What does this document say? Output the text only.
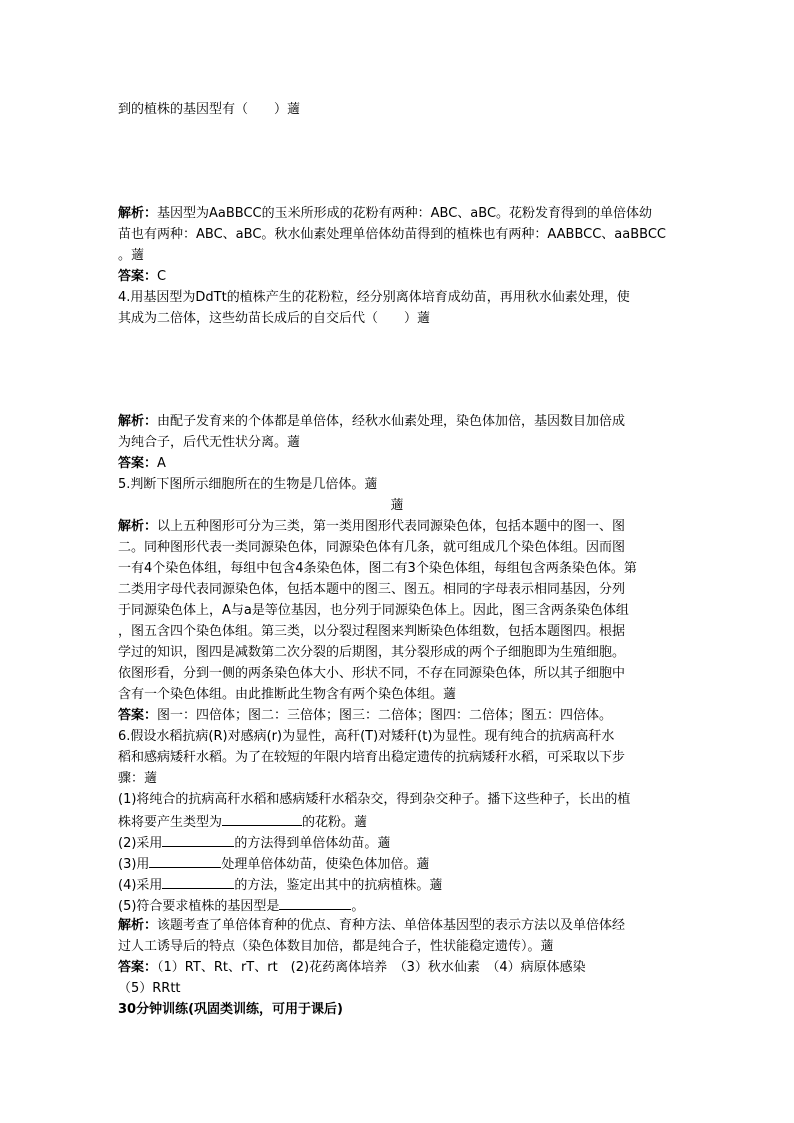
到的植株的基因型有（　　）藡
解析：基因型为AaBBCC的玉米所形成的花粉有两种：ABC、aBC。花粉发育得到的单倍体幼
苗也有两种：ABC、aBC。秋水仙素处理单倍体幼苗得到的植株也有两种：AABBCC、aaBBCC
。藡
答案：C
4.用基因型为DdTt的植株产生的花粉粒，经分别离体培育成幼苗，再用秋水仙素处理，使
其成为二倍体，这些幼苗长成后的自交后代（　　）藡
解析：由配子发育来的个体都是单倍体，经秋水仙素处理，染色体加倍，基因数目加倍成
为纯合子，后代无性状分离。藡
答案：A
5.判断下图所示细胞所在的生物是几倍体。藡
藡
解析：以上五种图形可分为三类，第一类用图形代表同源染色体，包括本题中的图一、图
二。同种图形代表一类同源染色体，同源染色体有几条，就可组成几个染色体组。因而图
一有4个染色体组，每组中包含4条染色体，图二有3个染色体组，每组包含两条染色体。第
二类用字母代表同源染色体，包括本题中的图三、图五。相同的字母表示相同基因，分列
于同源染色体上，A与a是等位基因，也分列于同源染色体上。因此，图三含两条染色体组
，图五含四个染色体组。第三类，以分裂过程图来判断染色体组数，包括本题图四。根据
学过的知识，图四是减数第二次分裂的后期图，其分裂形成的两个子细胞即为生殖细胞。
依图形看，分到一侧的两条染色体大小、形状不同，不存在同源染色体，所以其子细胞中
含有一个染色体组。由此推断此生物含有两个染色体组。藡
答案：图一：四倍体；图二：三倍体；图三：二倍体；图四：二倍体；图五：四倍体。
6.假设水稻抗病(R)对感病(r)为显性，高秆(T)对矮秆(t)为显性。现有纯合的抗病高秆水
稻和感病矮秆水稻。为了在较短的年限内培育出稳定遗传的抗病矮秆水稻，可采取以下步
骤：藡
(1)将纯合的抗病高秆水稻和感病矮秆水稻杂交，得到杂交种子。播下这些种子，长出的植
株将要产生类型为	的花粉。藡
(2)采用	的方法得到单倍体幼苗。藡
(3)用	处理单倍体幼苗，使染色体加倍。藡
(4)采用	的方法，鉴定出其中的抗病植株。藡
(5)符合要求植株的基因型是	。
解析：该题考查了单倍体育种的优点、育种方法、单倍体基因型的表示方法以及单倍体经
过人工诱导后的特点（染色体数目加倍，都是纯合子，性状能稳定遗传）。藡
答案：（1）RT、Rt、rT、rt　(2)花药离体培养　（3）秋水仙素　（4）病原体感染
（5）RRtt
30分钟训练(巩固类训练，可用于课后)
